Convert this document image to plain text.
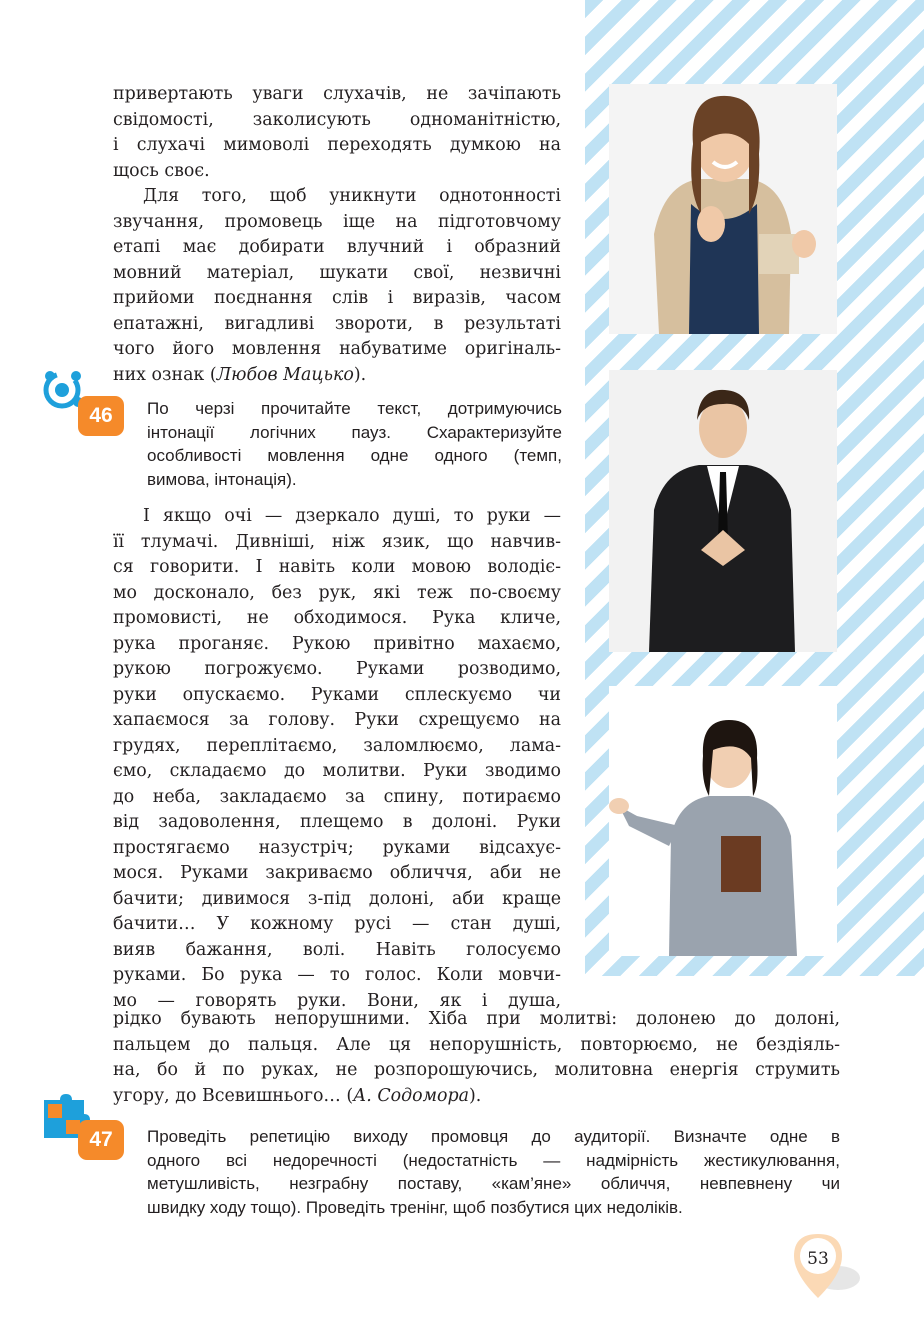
привертають уваги слухачів, не зачіпають
свідомості, заколисують одноманітністю,
і слухачі мимоволі переходять думкою на
щось своє.
Для того, щоб уникнути однотонності
звучання, промовець іще на підготовчому
етапі має добирати влучний і образний
мовний матеріал, шукати свої, незвичні
прийоми поєднання слів і виразів, часом
епатажні, вигадливі звороти, в результаті
чого його мовлення набуватиме оригіналь-
них ознак (Любов Мацько).
46	По черзі прочитайте текст, дотримуючись
інтонації логічних пауз. Схарактеризуйте
особливості мовлення одне одного (темп,
вимова, інтонація).
І якщо очі — дзеркало душі, то руки —
її тлумачі. Дивніші, ніж язик, що навчив-
ся говорити. І навіть коли мовою володіє-
мо досконало, без рук, які теж по-своєму
промовисті, не обходимося. Рука кличе,
рука проганяє. Рукою привітно махаємо,
рукою погрожуємо. Руками розводимо,
руки опускаємо. Руками сплескуємо чи
хапаємося за голову. Руки схрещуємо на
грудях, переплітаємо, заломлюємо, лама-
ємо, складаємо до молитви. Руки зводимо
до неба, закладаємо за спину, потираємо
від задоволення, плещемо в долоні. Руки
простягаємо назустріч; руками відсахує-
мося. Руками закриваємо обличчя, аби не
бачити; дивимося з-під долоні, аби краще
бачити… У кожному русі — стан душі,
вияв бажання, волі. Навіть голосуємо
руками. Бо рука — то голос. Коли мовчи-
мо — говорять руки. Вони, як і душа,
рідко бувають непорушними. Хіба при молитві: долонею до долоні,
пальцем до пальця. Але ця непорушність, повторюємо, не бездіяль-
на, бо й по руках, не розпорошуючись, молитовна енергія струмить
угору, до Всевишнього… (А. Содомора).
47	Проведіть репетицію виходу промовця до аудиторії. Визначте одне в
одного всі недоречності (недостатність — надмірність жестикулювання,
метушливість, незграбну поставу, «кам’яне» обличчя, невпевнену чи
швидку ходу тощо). Проведіть тренінг, щоб позбутися цих недоліків.
53
